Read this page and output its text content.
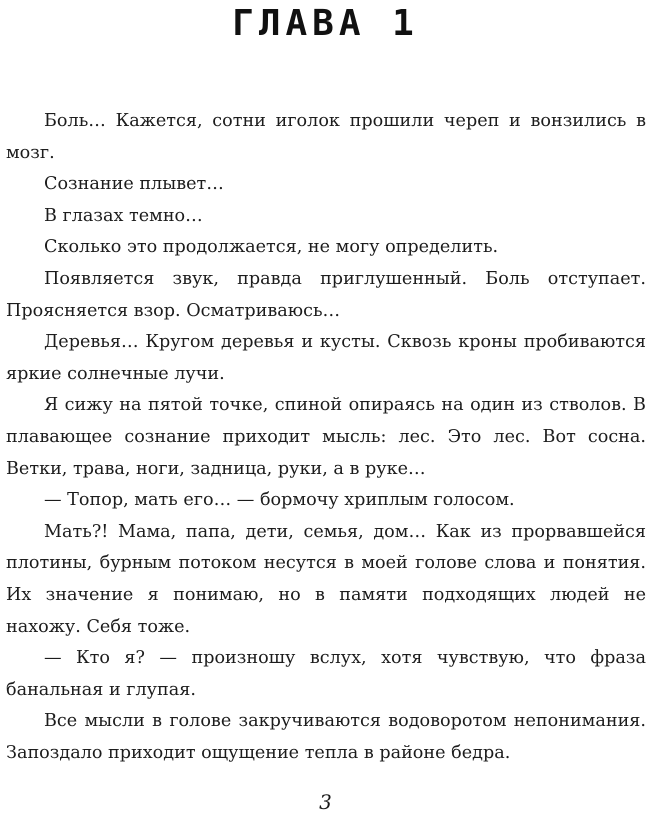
ГЛАВА 1

Боль… Кажется, сотни иголок прошили череп и вонзились в мозг.

Сознание плывет…

В глазах темно…

Сколько это продолжается, не могу определить.

Появляется звук, правда приглушенный. Боль отступает. Проясняется взор. Осматриваюсь…

Деревья… Кругом деревья и кусты. Сквозь кроны пробиваются яркие солнечные лучи.

Я сижу на пятой точке, спиной опираясь на один из стволов. В плавающее сознание приходит мысль: лес. Это лес. Вот сосна. Ветки, трава, ноги, задница, руки, а в руке…

— Топор, мать его… — бормочу хриплым голосом.

Мать?! Мама, папа, дети, семья, дом… Как из прорвавшейся плотины, бурным потоком несутся в моей голове слова и понятия. Их значение я понимаю, но в памяти подходящих людей не нахожу. Себя тоже.

— Кто я? — произношу вслух, хотя чувствую, что фраза банальная и глупая.

Все мысли в голове закручиваются водоворотом непонимания. Запоздало приходит ощущение тепла в районе бедра.

3
